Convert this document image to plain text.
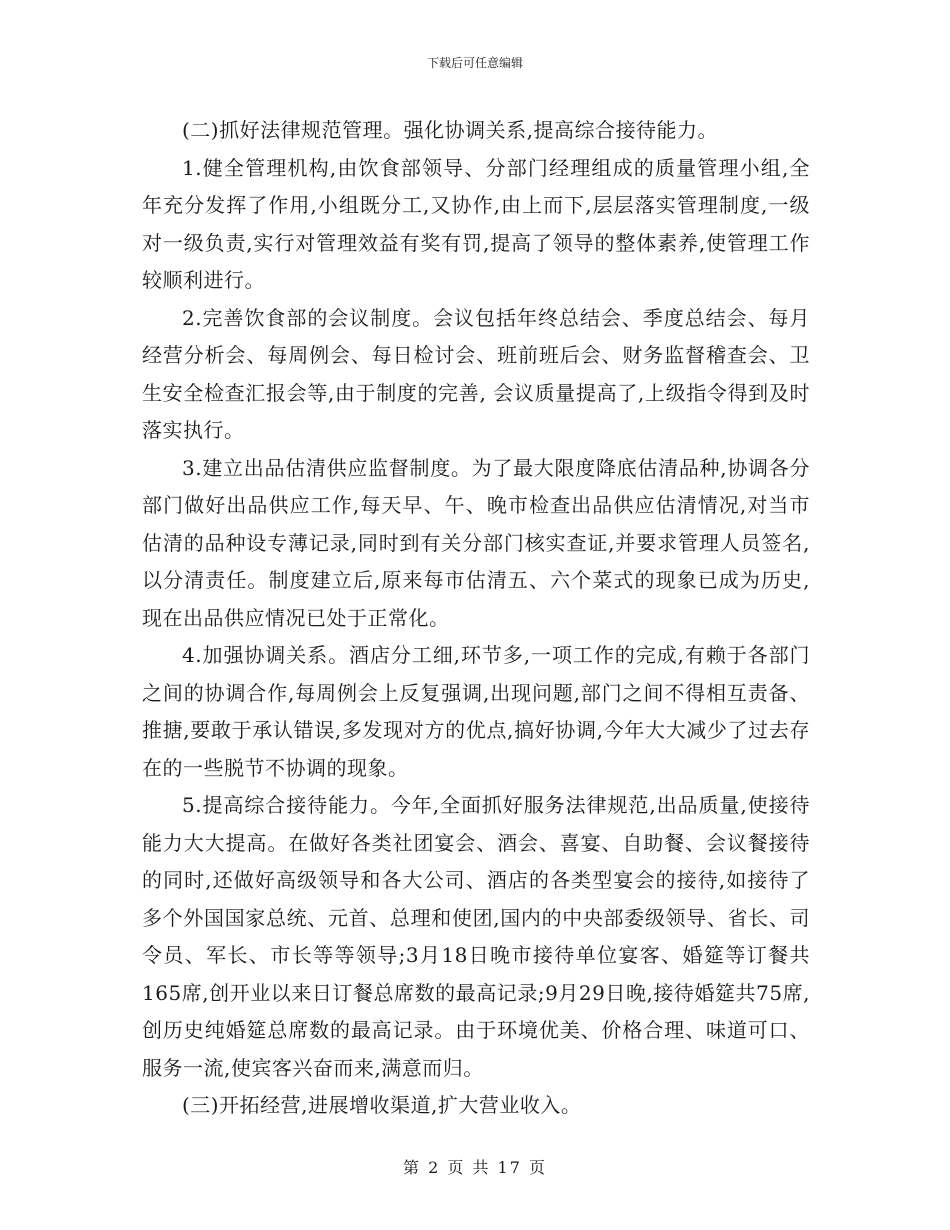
下载后可任意编辑

(二)抓好法律规范管理。强化协调关系,提高综合接待能力。

1.健全管理机构,由饮食部领导、分部门经理组成的质量管理小组,全年充分发挥了作用,小组既分工,又协作,由上而下,层层落实管理制度,一级对一级负责,实行对管理效益有奖有罚,提高了领导的整体素养,使管理工作较顺利进行。

2.完善饮食部的会议制度。会议包括年终总结会、季度总结会、每月经营分析会、每周例会、每日检讨会、班前班后会、财务监督稽查会、卫生安全检查汇报会等,由于制度的完善, 会议质量提高了,上级指令得到及时落实执行。

3.建立出品估清供应监督制度。为了最大限度降底估清品种,协调各分部门做好出品供应工作,每天早、午、晚市检查出品供应估清情况,对当市估清的品种设专薄记录,同时到有关分部门核实查证,并要求管理人员签名,以分清责任。制度建立后,原来每市估清五、六个菜式的现象已成为历史,现在出品供应情况已处于正常化。

4.加强协调关系。酒店分工细,环节多,一项工作的完成,有赖于各部门之间的协调合作,每周例会上反复强调,出现问题,部门之间不得相互责备、推搪,要敢于承认错误,多发现对方的优点,搞好协调,今年大大减少了过去存在的一些脱节不协调的现象。

5.提高综合接待能力。今年,全面抓好服务法律规范,出品质量,使接待能力大大提高。在做好各类社团宴会、酒会、喜宴、自助餐、会议餐接待的同时,还做好高级领导和各大公司、酒店的各类型宴会的接待,如接待了多个外国国家总统、元首、总理和使团,国内的中央部委级领导、省长、司令员、军长、市长等等领导;3月18日晚市接待单位宴客、婚筵等订餐共165席,创开业以来日订餐总席数的最高记录;9月29日晚,接待婚筵共75席,创历史纯婚筵总席数的最高记录。由于环境优美、价格合理、味道可口、服务一流,使宾客兴奋而来,满意而归。

(三)开拓经营,进展增收渠道,扩大营业收入。

第 2 页 共 17 页
